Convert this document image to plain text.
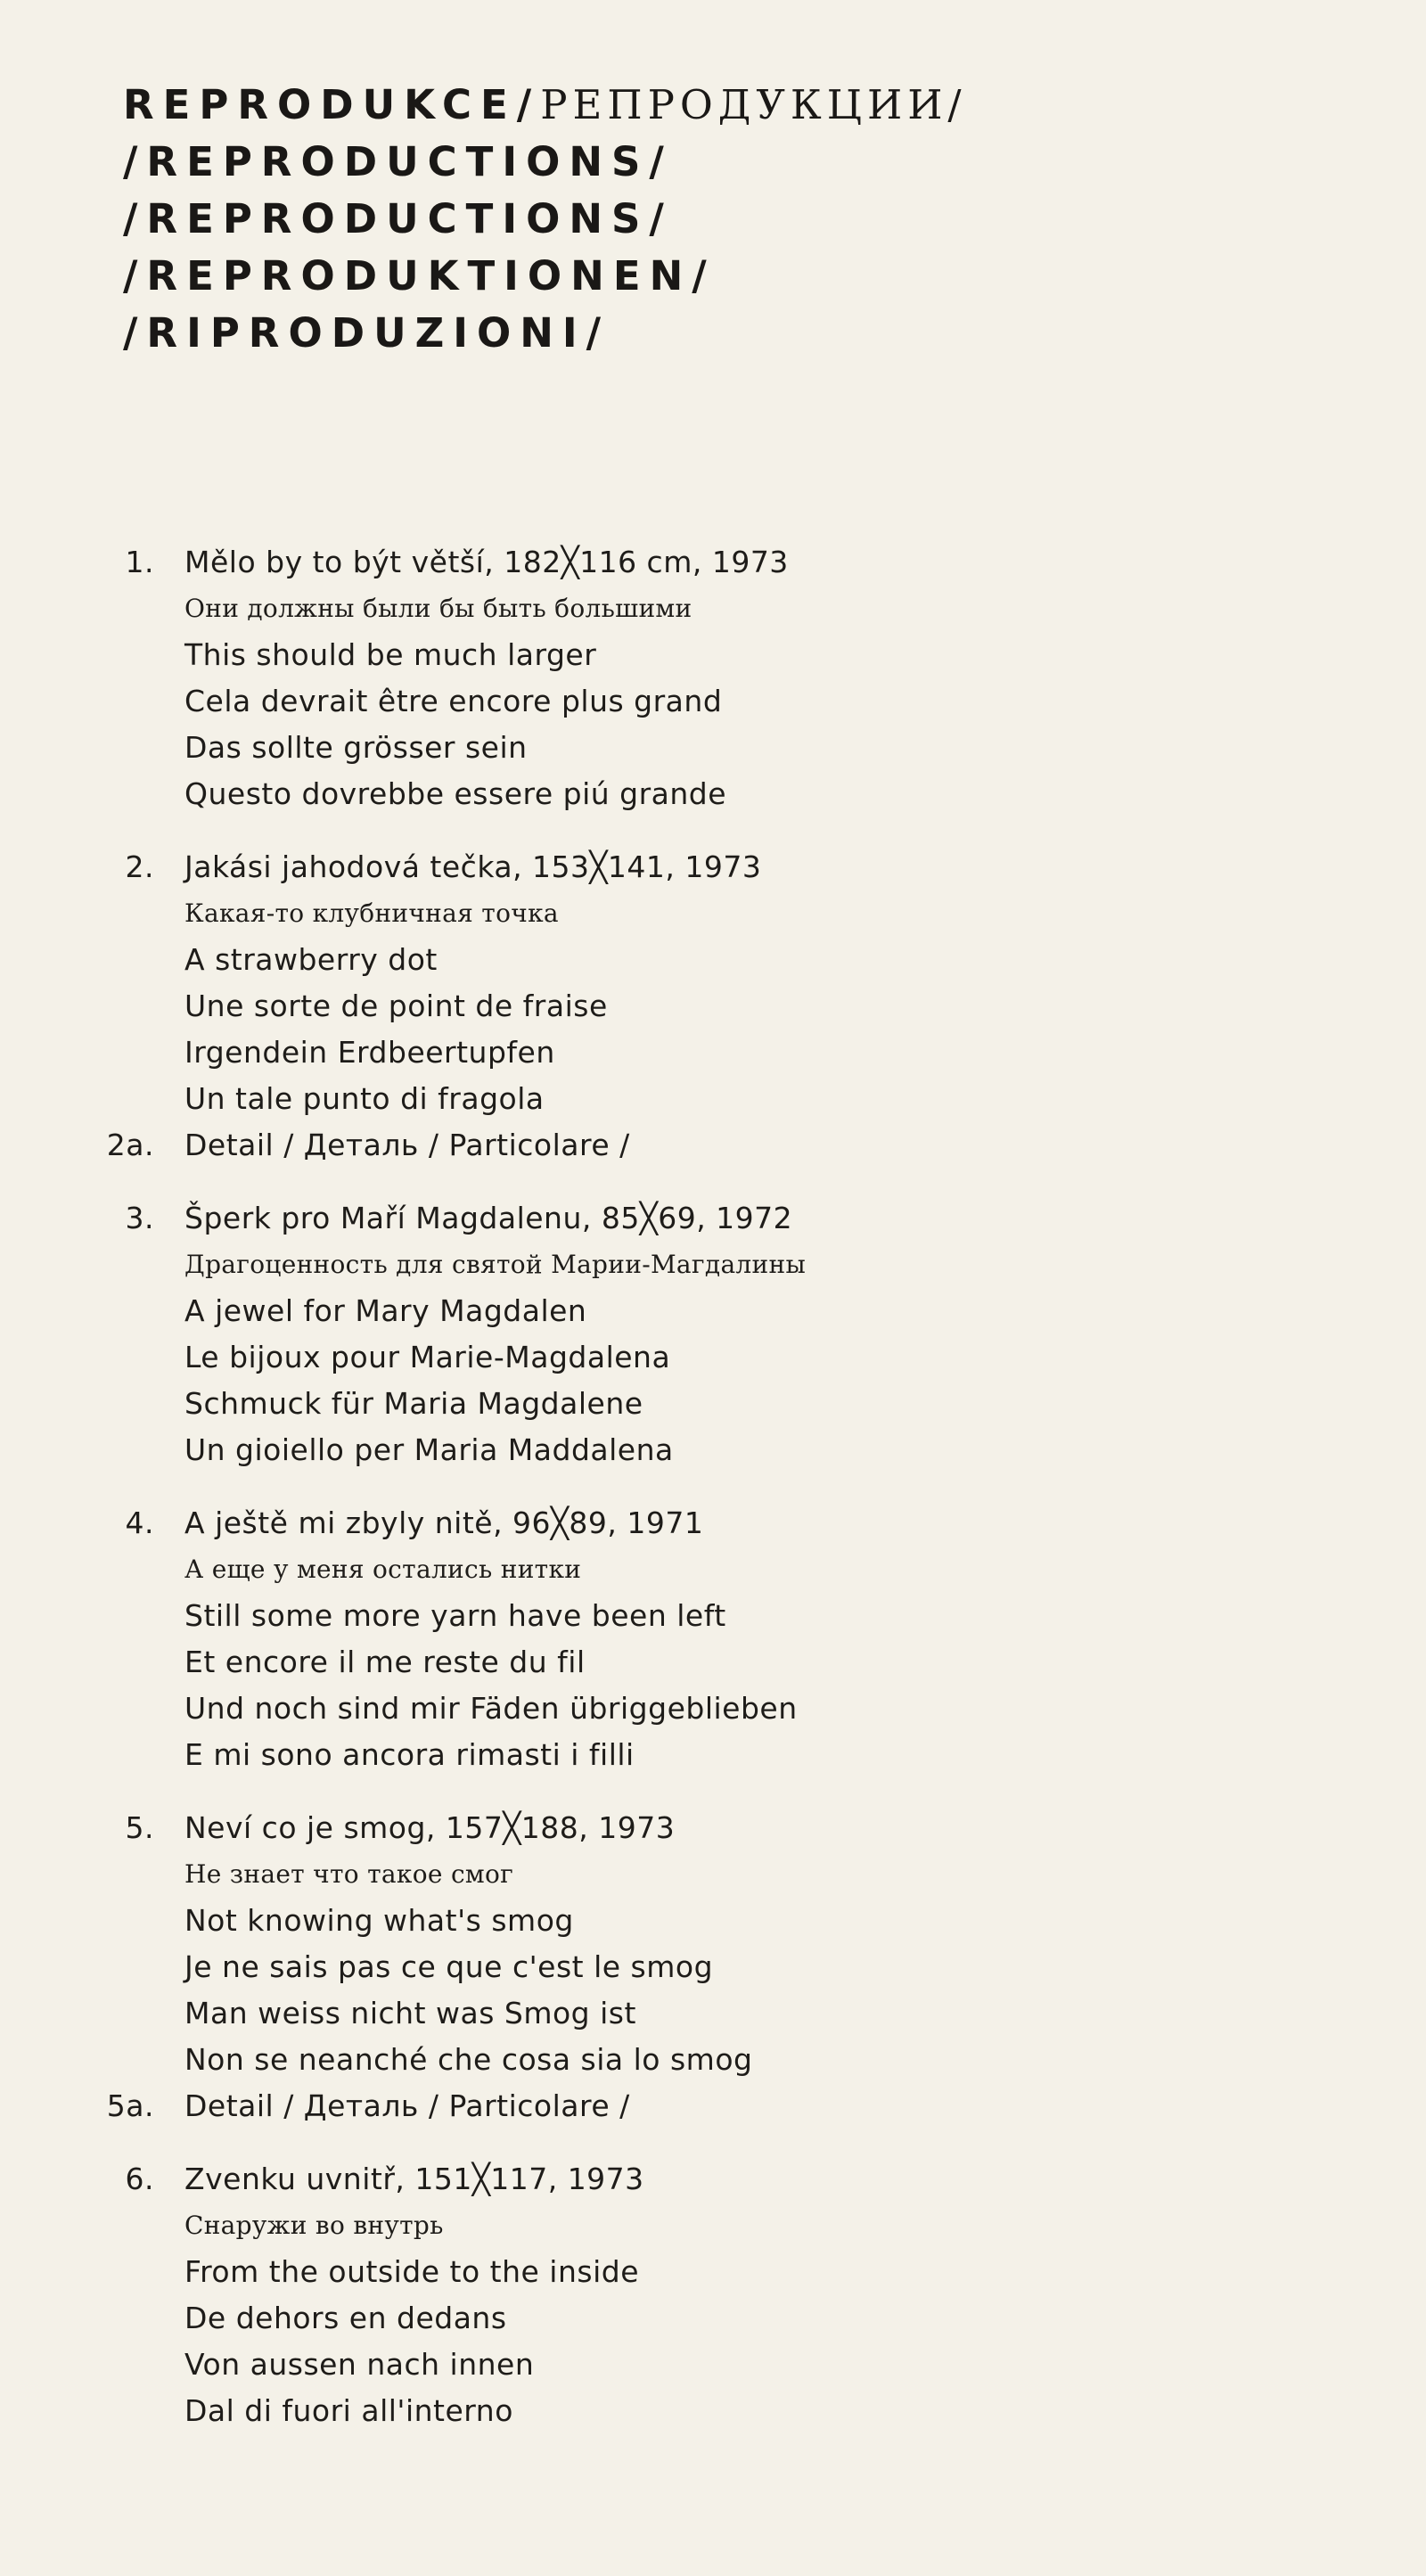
REPRODUKCE/РЕПРОДУКЦИИ/
/REPRODUCTIONS/
/REPRODUCTIONS/
/REPRODUKTIONEN/
/RIPRODUZIONI/
1. Mělo by to být větší, 182╳116 cm, 1973
Они должны были бы быть большими
This should be much larger
Cela devrait être encore plus grand
Das sollte grösser sein
Questo dovrebbe essere piú grande
2. Jakási jahodová tečka, 153╳141, 1973
Какая-то клубничная точка
A strawberry dot
Une sorte de point de fraise
Irgendein Erdbeertupfen
Un tale punto di fragola
2a. Detail / Деталь / Particolare /
3. Šperk pro Maří Magdalenu, 85╳69, 1972
Драгоценность для святой Марии-Магдалины
A jewel for Mary Magdalen
Le bijoux pour Marie-Magdalena
Schmuck für Maria Magdalene
Un gioiello per Maria Maddalena
4. A ještě mi zbyly nitě, 96╳89, 1971
А еще у меня остались нитки
Still some more yarn have been left
Et encore il me reste du fil
Und noch sind mir Fäden übriggeblieben
E mi sono ancora rimasti i filli
5. Neví co je smog, 157╳188, 1973
Не знает что такое смог
Not knowing what's smog
Je ne sais pas ce que c'est le smog
Man weiss nicht was Smog ist
Non se neanché che cosa sia lo smog
5a. Detail / Деталь / Particolare /
6. Zvenku uvnitř, 151╳117, 1973
Снаружи во внутрь
From the outside to the inside
De dehors en dedans
Von aussen nach innen
Dal di fuori all'interno
